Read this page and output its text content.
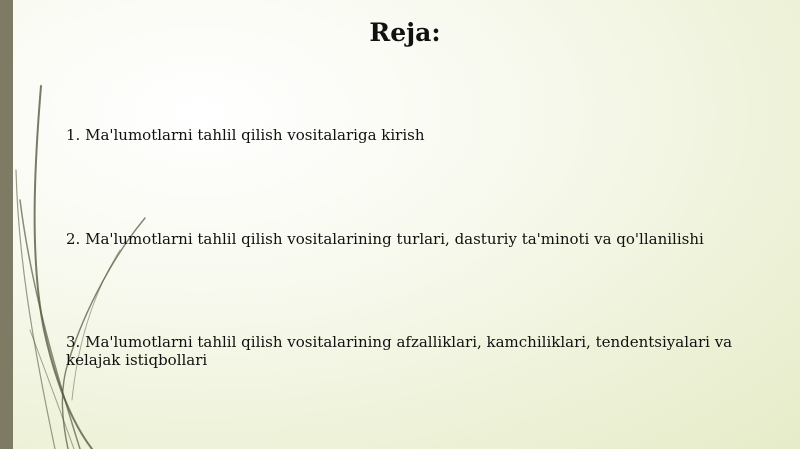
Reja:
1. Ma'lumotlarni tahlil qilish vositalariga kirish
2. Ma'lumotlarni tahlil qilish vositalarining turlari, dasturiy ta'minoti va qo'llanilishi
3. Ma'lumotlarni tahlil qilish vositalarining afzalliklari, kamchiliklari, tendentsiyalari va kelajak istiqbollari
